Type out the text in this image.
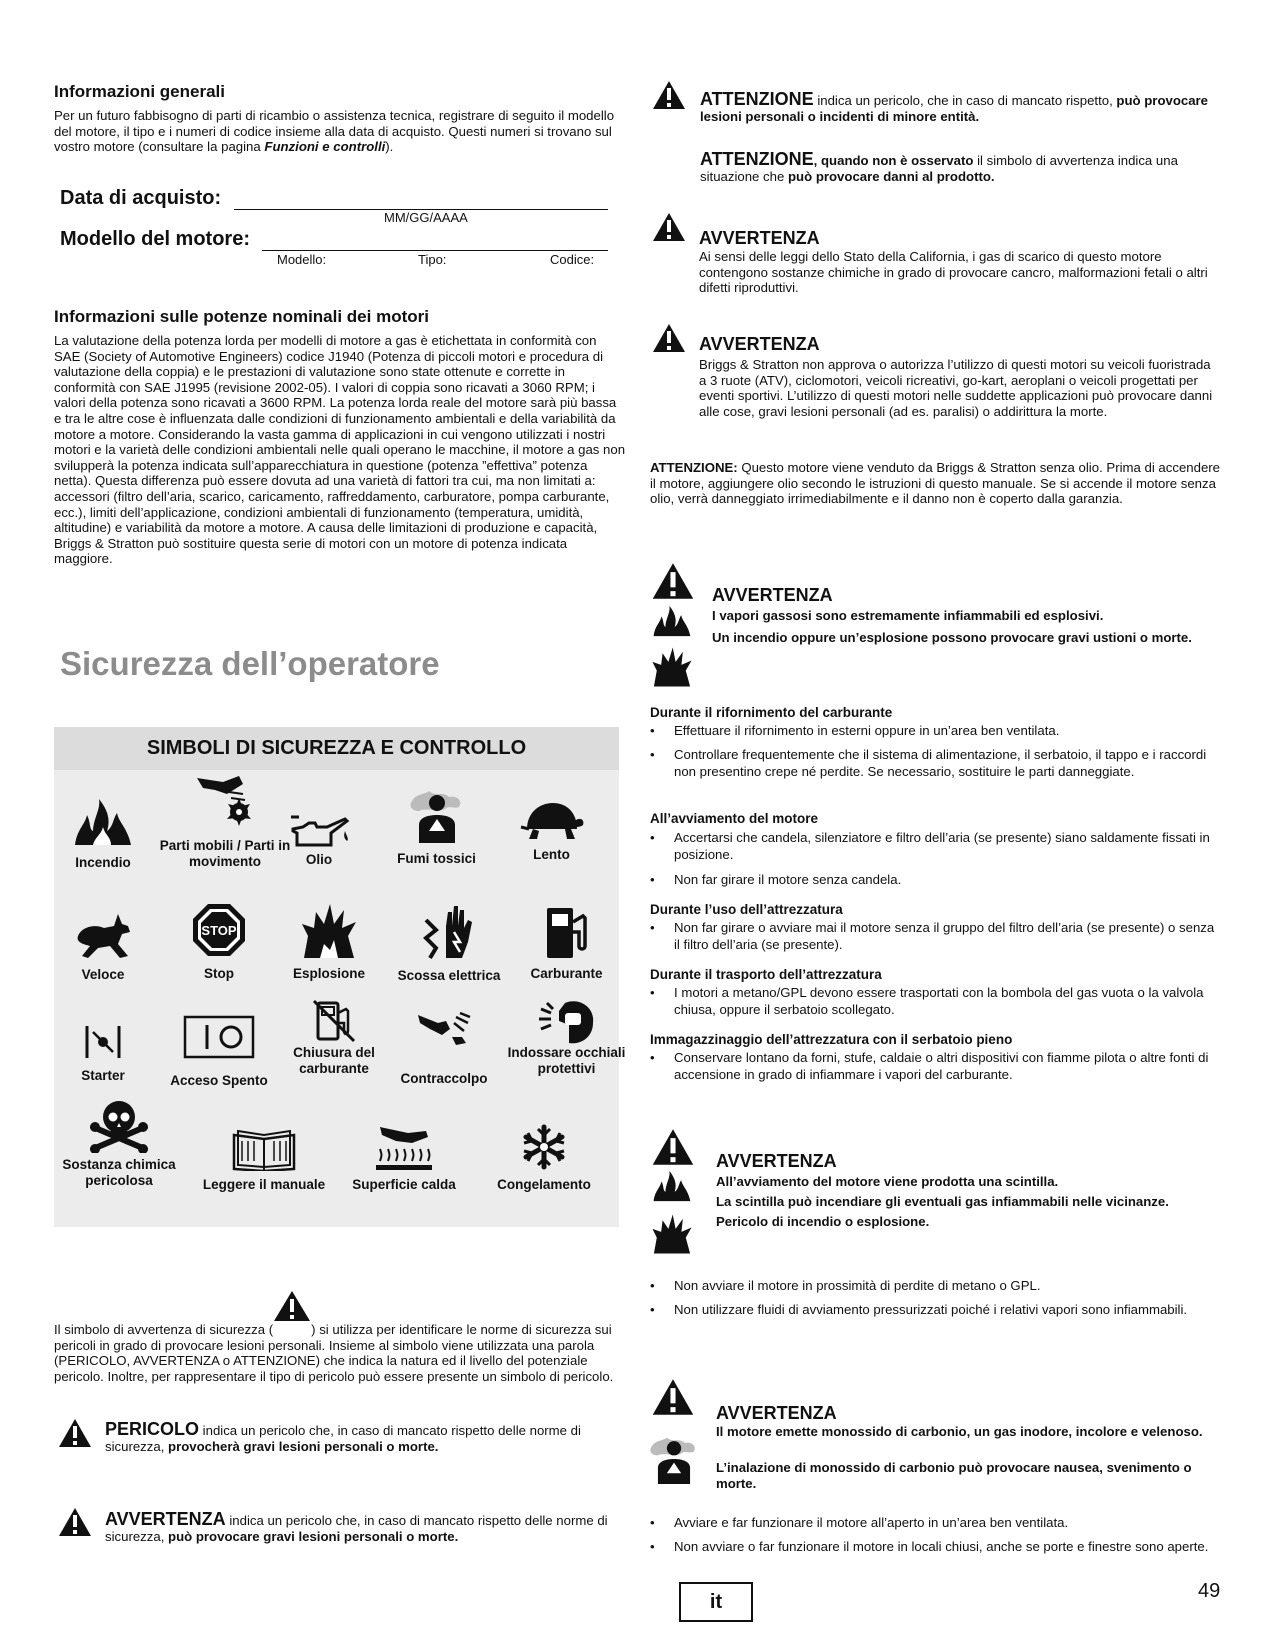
Informazioni generali
Per un futuro fabbisogno di parti di ricambio o assistenza tecnica, registrare di seguito il modello del motore, il tipo e i numeri di codice insieme alla data di acquisto. Questi numeri si trovano sul vostro motore (consultare la pagina Funzioni e controlli).
Data di acquisto:
MM/GG/AAAA
Modello del motore:
Modello:	Tipo:	Codice:
Informazioni sulle potenze nominali dei motori
La valutazione della potenza lorda per modelli di motore a gas è etichettata in conformità con SAE (Society of Automotive Engineers) codice J1940 (Potenza di piccoli motori e procedura di valutazione della coppia) e le prestazioni di valutazione sono state ottenute e corrette in conformità con SAE J1995 (revisione 2002-05). I valori di coppia sono ricavati a 3060 RPM; i valori della potenza sono ricavati a 3600 RPM. La potenza lorda reale del motore sarà più bassa e tra le altre cose è influenzata dalle condizioni di funzionamento ambientali e della variabilità da motore a motore. Considerando la vasta gamma di applicazioni in cui vengono utilizzati i nostri motori e la varietà delle condizioni ambientali nelle quali operano le macchine, il motore a gas non svilupperà la potenza indicata sull’apparecchiatura in questione (potenza ”effettiva” potenza netta). Questa differenza può essere dovuta ad una varietà di fattori tra cui, ma non limitati a: accessori (filtro dell’aria, scarico, caricamento, raffreddamento, carburatore, pompa carburante, ecc.), limiti dell’applicazione, condizioni ambientali di funzionamento (temperatura, umidità, altitudine) e variabilità da motore a motore. A causa delle limitazioni di produzione e capacità, Briggs & Stratton può sostituire questa serie di motori con un motore di potenza indicata maggiore.
Sicurezza dell’operatore
SIMBOLI DI SICUREZZA E CONTROLLO
Incendio
Parti mobili / Parti in movimento	Olio	Fumi tossici	Lento
Veloce
STOP
Stop	Esplosione	Scossa elettrica	Carburante
Starter	Acceso Spento
Chiusura del carburante
Contraccolpo
Indossare occhiali protettivi
Sostanza chimica pericolosa	Leggere il manuale	Superficie calda	Congelamento
Il simbolo di avvertenza di sicurezza (	) si utilizza per identificare le norme di sicurezza sui pericoli in grado di provocare lesioni personali. Insieme al simbolo viene utilizzata una parola (PERICOLO, AVVERTENZA o ATTENZIONE) che indica la natura ed il livello del potenziale pericolo. Inoltre, per rappresentare il tipo di pericolo può essere presente un simbolo di pericolo.
PERICOLO indica un pericolo che, in caso di mancato rispetto delle norme di sicurezza, provocherà gravi lesioni personali o morte.
AVVERTENZA indica un pericolo che, in caso di mancato rispetto delle norme di sicurezza, può provocare gravi lesioni personali o morte.
ATTENZIONE indica un pericolo, che in caso di mancato rispetto, può provocare lesioni personali o incidenti di minore entità.
ATTENZIONE, quando non è osservato il simbolo di avvertenza indica una situazione che può provocare danni al prodotto.
AVVERTENZA
Ai sensi delle leggi dello Stato della California, i gas di scarico di questo motore contengono sostanze chimiche in grado di provocare cancro, malformazioni fetali o altri difetti riproduttivi.
AVVERTENZA
Briggs & Stratton non approva o autorizza l’utilizzo di questi motori su veicoli fuoristrada a 3 ruote (ATV), ciclomotori, veicoli ricreativi, go-kart, aeroplani o veicoli progettati per eventi sportivi. L’utilizzo di questi motori nelle suddette applicazioni può provocare danni alle cose, gravi lesioni personali (ad es. paralisi) o addirittura la morte.
ATTENZIONE: Questo motore viene venduto da Briggs & Stratton senza olio. Prima di accendere il motore, aggiungere olio secondo le istruzioni di questo manuale. Se si accende il motore senza olio, verrà danneggiato irrimediabilmente e il danno non è coperto dalla garanzia.
AVVERTENZA
I vapori gassosi sono estremamente infiammabili ed esplosivi.
Un incendio oppure un’esplosione possono provocare gravi ustioni o morte.
Durante il rifornimento del carburante
• Effettuare il rifornimento in esterni oppure in un’area ben ventilata.
• Controllare frequentemente che il sistema di alimentazione, il serbatoio, il tappo e i raccordi non presentino crepe né perdite. Se necessario, sostituire le parti danneggiate.
All’avviamento del motore
• Accertarsi che candela, silenziatore e filtro dell’aria (se presente) siano saldamente fissati in posizione.
• Non far girare il motore senza candela.
Durante l’uso dell’attrezzatura
• Non far girare o avviare mai il motore senza il gruppo del filtro dell’aria (se presente) o senza il filtro dell’aria (se presente).
Durante il trasporto dell’attrezzatura
• I motori a metano/GPL devono essere trasportati con la bombola del gas vuota o la valvola chiusa, oppure il serbatoio scollegato.
Immagazzinaggio dell’attrezzatura con il serbatoio pieno
• Conservare lontano da forni, stufe, caldaie o altri dispositivi con fiamme pilota o altre fonti di accensione in grado di infiammare i vapori del carburante.
AVVERTENZA
All’avviamento del motore viene prodotta una scintilla.
La scintilla può incendiare gli eventuali gas infiammabili nelle vicinanze.
Pericolo di incendio o esplosione.
• Non avviare il motore in prossimità di perdite di metano o GPL.
• Non utilizzare fluidi di avviamento pressurizzati poiché i relativi vapori sono infiammabili.
AVVERTENZA
Il motore emette monossido di carbonio, un gas inodore, incolore e velenoso.
L’inalazione di monossido di carbonio può provocare nausea, svenimento o morte.
• Avviare e far funzionare il motore all’aperto in un’area ben ventilata.
• Non avviare o far funzionare il motore in locali chiusi, anche se porte e finestre sono aperte.
it	49
